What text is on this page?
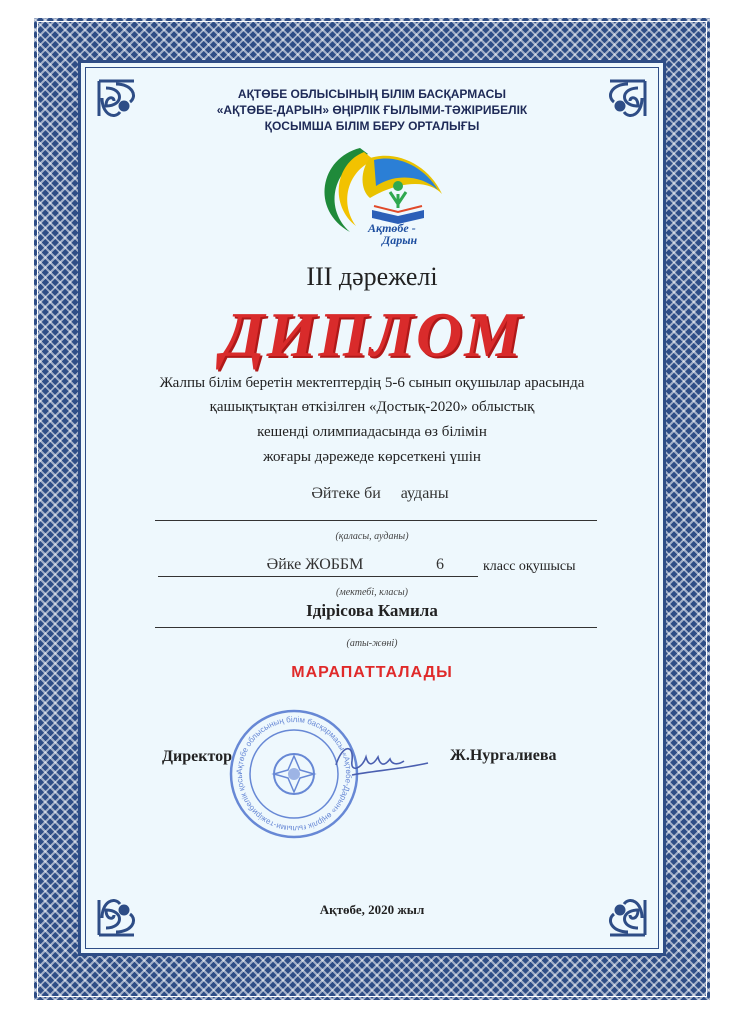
АҚТӨБЕ ОБЛЫСЫНЫҢ БІЛІМ БАСҚАРМАСЫ
«АҚТӨБЕ-ДАРЫН» ӨҢІРЛІК ҒЫЛЫМИ-ТӘЖІРИБЕЛІК
ҚОСЫМША БІЛІМ БЕРУ ОРТАЛЫҒЫ
Ақтөбе -
Дарын
III дәрежелі
ДИПЛОМ
Жалпы білім беретін мектептердің 5-6 сынып оқушылар арасында
қашықтықтан өткізілген «Достық-2020» облыстық
кешенді олимпиадасында өз білімін
жоғары дәрежеде көрсеткені үшін
Әйтеке би     ауданы
(қаласы, ауданы)
Әйке ЖОББМ	6	класс оқушысы
(мектебі, класы)
Ідірісова Камила
(аты-жөні)
МАРАПАТТАЛАДЫ
Ақтөбе облысының білім басқармасы «Ақтөбе-Дарын» өңірлік ғылыми-тәжірибелік қосы
Директор	Ж.Нургалиева
Ақтөбе, 2020 жыл
